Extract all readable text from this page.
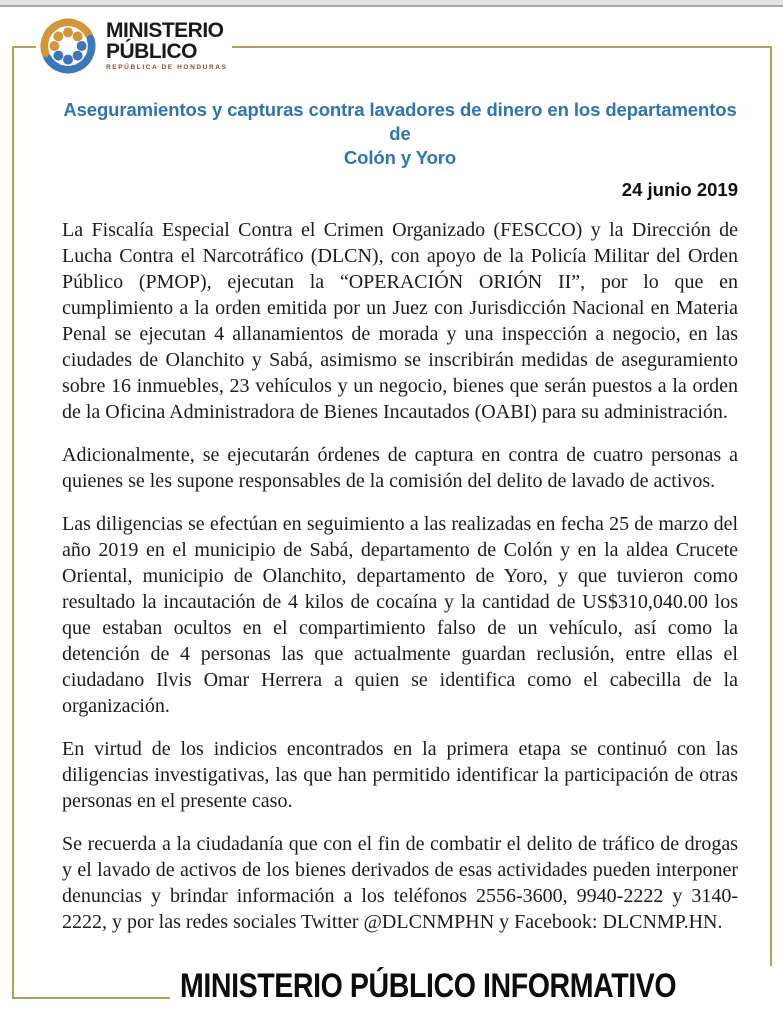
MINISTERIO
PÚBLICO
REPÚBLICA DE HONDURAS
Aseguramientos y capturas contra lavadores de dinero en los departamentos de
Colón y Yoro
24 junio 2019

La Fiscalía Especial Contra el Crimen Organizado (FESCCO) y la Dirección de Lucha Contra el Narcotráfico (DLCN), con apoyo de la Policía Militar del Orden Público (PMOP), ejecutan la “OPERACIÓN ORIÓN II”, por lo que en cumplimiento a la orden emitida por un Juez con Jurisdicción Nacional en Materia Penal se ejecutan 4 allanamientos de morada y una inspección a negocio, en las ciudades de Olanchito y Sabá, asimismo se inscribirán medidas de aseguramiento sobre 16 inmuebles, 23 vehículos y un negocio, bienes que serán puestos a la orden de la Oficina Administradora de Bienes Incautados (OABI) para su administración.

Adicionalmente, se ejecutarán órdenes de captura en contra de cuatro personas a quienes se les supone responsables de la comisión del delito de lavado de activos.

Las diligencias se efectúan en seguimiento a las realizadas en fecha 25 de marzo del año 2019 en el municipio de Sabá, departamento de Colón y en la aldea Crucete Oriental, municipio de Olanchito, departamento de Yoro, y que tuvieron como resultado la incautación de 4 kilos de cocaína y la cantidad de US$310,040.00 los que estaban ocultos en el compartimiento falso de un vehículo, así como la detención de 4 personas las que actualmente guardan reclusión, entre ellas el ciudadano Ilvis Omar Herrera a quien se identifica como el cabecilla de la organización.

En virtud de los indicios encontrados en la primera etapa se continuó con las diligencias investigativas, las que han permitido identificar la participación de otras personas en el presente caso.

Se recuerda a la ciudadanía que con el fin de combatir el delito de tráfico de drogas y el lavado de activos de los bienes derivados de esas actividades pueden interponer denuncias y brindar información a los teléfonos 2556-3600, 9940-2222 y 3140-2222, y por las redes sociales Twitter @DLCNMPHN y Facebook: DLCNMP.HN.

MINISTERIO PÚBLICO INFORMATIVO
